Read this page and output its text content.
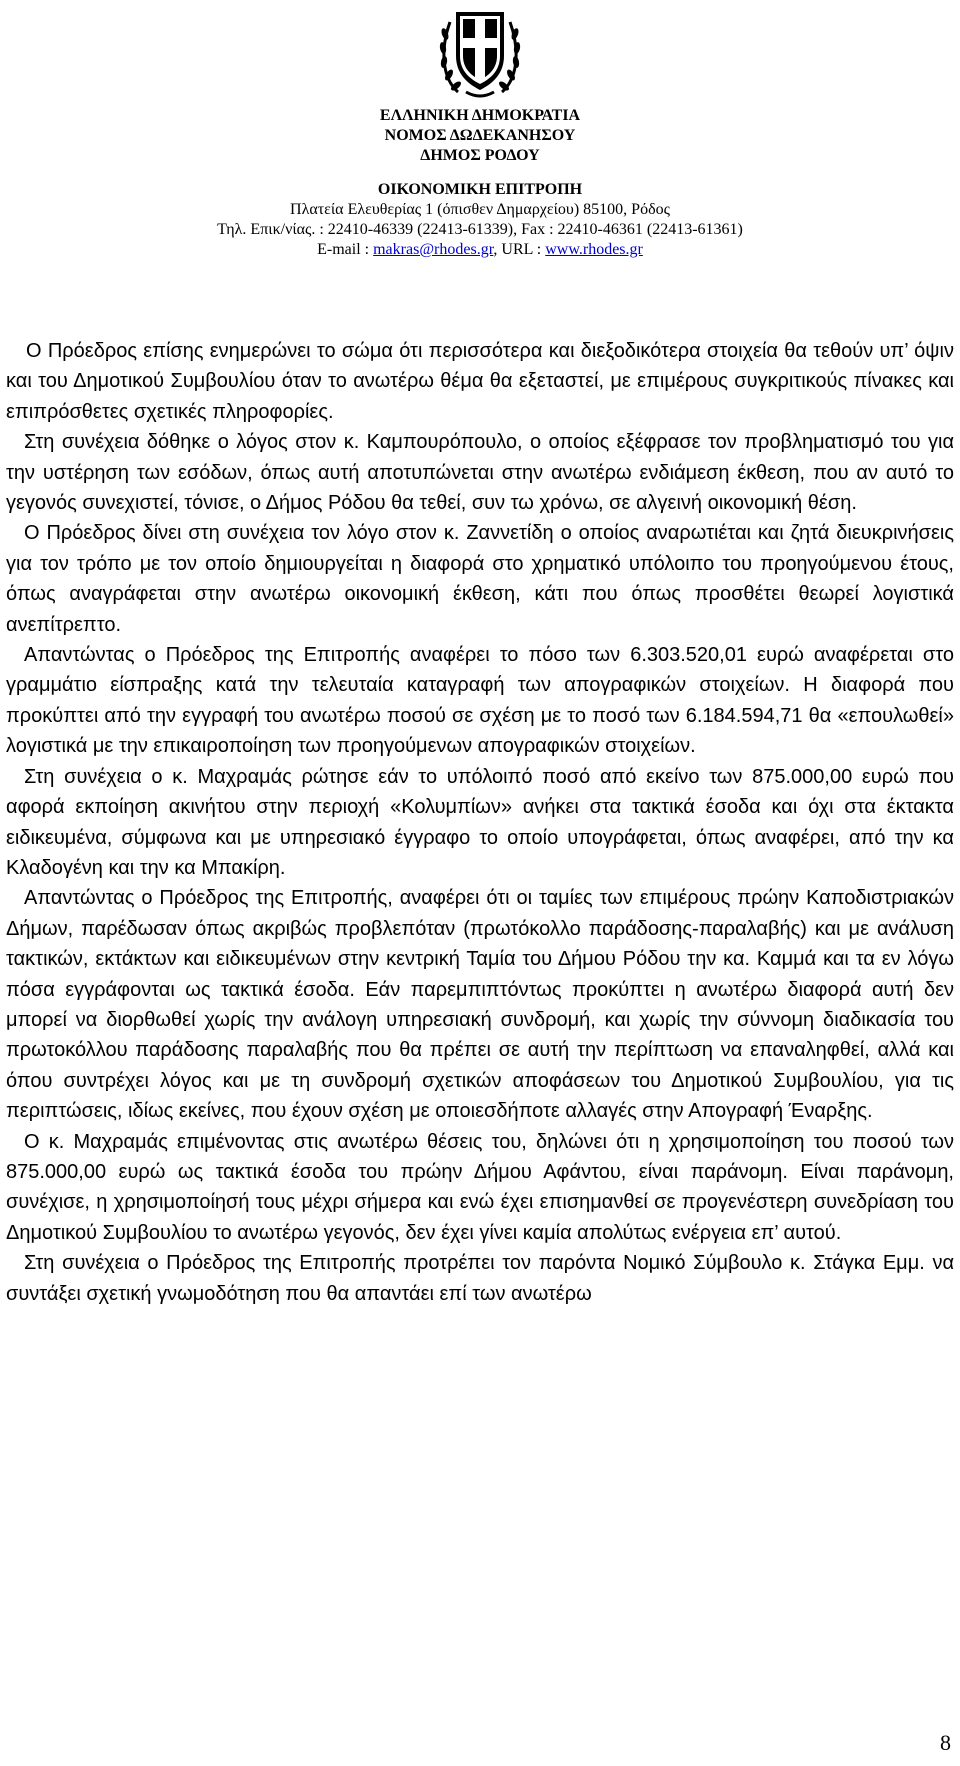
ΕΛΛΗΝΙΚΗ ΔΗΜΟΚΡΑΤΙΑ

ΝΟΜΟΣ ΔΩΔΕΚΑΝΗΣΟΥ

ΔΗΜΟΣ ΡΟΔΟΥ

ΟΙΚΟΝΟΜΙΚΗ ΕΠΙΤΡΟΠΗ

Πλατεία Ελευθερίας 1 (όπισθεν Δημαρχείου) 85100, Ρόδος

Τηλ. Επικ/νίας. : 22410-46339 (22413-61339), Fax : 22410-46361 (22413-61361)

E-mail : makras@rhodes.gr, URL : www.rhodes.gr

Ο Πρόεδρος επίσης ενημερώνει το σώμα ότι περισσότερα και διεξοδικότερα στοιχεία θα τεθούν υπ’ όψιν και του Δημοτικού Συμβουλίου όταν το ανωτέρω θέμα θα εξεταστεί, με επιμέρους συγκριτικούς πίνακες και επιπρόσθετες σχετικές πληροφορίες.

Στη συνέχεια δόθηκε ο λόγος στον κ. Καμπουρόπουλο, ο οποίος εξέφρασε τον προβληματισμό του για την υστέρηση των εσόδων, όπως αυτή αποτυπώνεται στην ανωτέρω ενδιάμεση έκθεση, που αν αυτό το γεγονός συνεχιστεί, τόνισε, ο Δήμος Ρόδου θα τεθεί, συν τω χρόνω, σε αλγεινή οικονομική θέση.

Ο Πρόεδρος δίνει στη συνέχεια τον λόγο στον κ. Ζαννετίδη ο οποίος αναρωτιέται και ζητά διευκρινήσεις για τον τρόπο με τον οποίο δημιουργείται η διαφορά στο χρηματικό υπόλοιπο του προηγούμενου έτους, όπως αναγράφεται στην ανωτέρω οικονομική έκθεση, κάτι που όπως προσθέτει θεωρεί λογιστικά ανεπίτρεπτο.

Απαντώντας ο Πρόεδρος της Επιτροπής αναφέρει το πόσο των 6.303.520,01 ευρώ αναφέρεται στο γραμμάτιο είσπραξης κατά την τελευταία καταγραφή των απογραφικών στοιχείων. Η διαφορά που προκύπτει από την εγγραφή του ανωτέρω ποσού σε σχέση με το ποσό των 6.184.594,71 θα «επουλωθεί» λογιστικά με την επικαιροποίηση των προηγούμενων απογραφικών στοιχείων.

Στη συνέχεια ο κ. Μαχραμάς ρώτησε εάν το υπόλοιπό ποσό από εκείνο των 875.000,00 ευρώ που αφορά εκποίηση ακινήτου στην περιοχή «Κολυμπίων» ανήκει στα τακτικά έσοδα και όχι στα έκτακτα ειδικευμένα, σύμφωνα και με υπηρεσιακό έγγραφο το οποίο υπογράφεται, όπως αναφέρει, από την κα Κλαδογένη και την κα Μπακίρη.

Απαντώντας ο Πρόεδρος της Επιτροπής, αναφέρει ότι οι ταμίες των επιμέρους πρώην Καποδιστριακών Δήμων, παρέδωσαν όπως ακριβώς προβλεπόταν (πρωτόκολλο παράδοσης-παραλαβής) και με ανάλυση τακτικών, εκτάκτων και ειδικευμένων στην κεντρική Ταμία του Δήμου Ρόδου την κα. Καμμά και τα εν λόγω πόσα εγγράφονται ως τακτικά έσοδα. Εάν παρεμπιπτόντως προκύπτει η ανωτέρω διαφορά αυτή δεν μπορεί να διορθωθεί χωρίς την ανάλογη υπηρεσιακή συνδρομή, και χωρίς την σύννομη διαδικασία του πρωτοκόλλου παράδοσης παραλαβής που θα πρέπει σε αυτή την περίπτωση να επαναληφθεί, αλλά και όπου συντρέχει λόγος και με τη συνδρομή σχετικών αποφάσεων του Δημοτικού Συμβουλίου, για τις περιπτώσεις, ιδίως εκείνες, που έχουν σχέση με οποιεσδήποτε αλλαγές στην Απογραφή Έναρξης.

Ο κ. Μαχραμάς επιμένοντας στις ανωτέρω θέσεις του, δηλώνει ότι η χρησιμοποίηση του ποσού των 875.000,00 ευρώ ως τακτικά έσοδα του πρώην Δήμου Αφάντου, είναι παράνομη. Είναι παράνομη, συνέχισε, η χρησιμοποίησή τους μέχρι σήμερα και ενώ έχει επισημανθεί σε προγενέστερη συνεδρίαση του Δημοτικού Συμβουλίου το ανωτέρω γεγονός, δεν έχει γίνει καμία απολύτως ενέργεια επ’ αυτού.

Στη συνέχεια ο Πρόεδρος της Επιτροπής προτρέπει τον παρόντα Νομικό Σύμβουλο κ. Στάγκα Εμμ. να συντάξει σχετική γνωμοδότηση που θα απαντάει επί των ανωτέρω

8
